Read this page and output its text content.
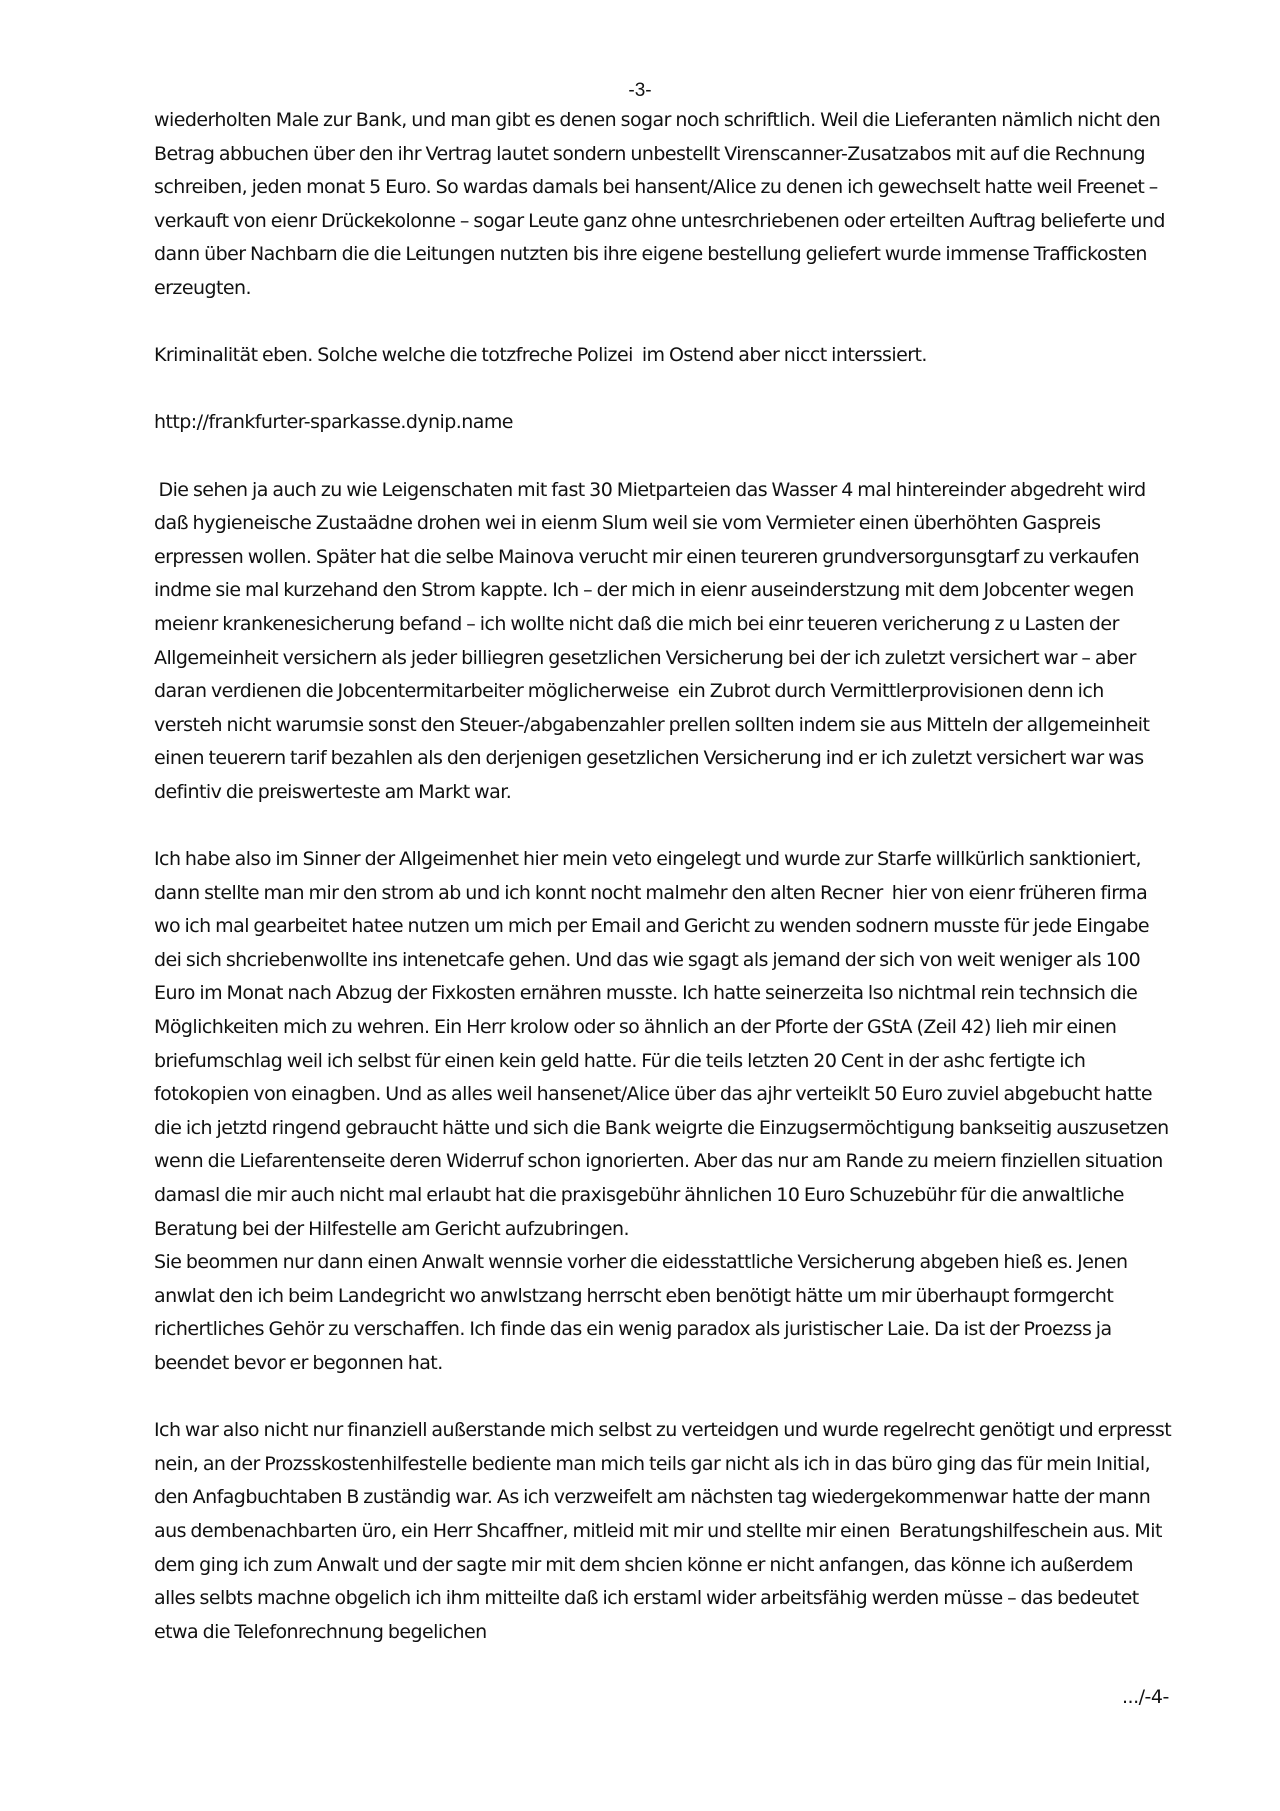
-3-

wiederholten Male zur Bank, und man gibt es denen sogar noch schriftlich. Weil die Lieferanten nämlich nicht den Betrag abbuchen über den ihr Vertrag lautet sondern unbestellt Virenscanner-Zusatzabos mit auf die Rechnung schreiben, jeden monat 5 Euro. So wardas damals bei hansent/Alice zu denen ich gewechselt hatte weil Freenet – verkauft von eienr Drückekolonne – sogar Leute ganz ohne untesrchriebenen oder erteilten Auftrag belieferte und dann über Nachbarn die die Leitungen nutzten bis ihre eigene bestellung geliefert wurde immense Traffickosten erzeugten.

Kriminalität eben. Solche welche die totzfreche Polizei  im Ostend aber nicct interssiert.

http://frankfurter-sparkasse.dynip.name

Die sehen ja auch zu wie Leigenschaten mit fast 30 Mietparteien das Wasser 4 mal hintereinder abgedreht wird daß hygieneische Zustaädne drohen wei in eienm Slum weil sie vom Vermieter einen überhöhten Gaspreis erpressen wollen. Später hat die selbe Mainova verucht mir einen teureren grundversorgunsgtarf zu verkaufen indme sie mal kurzehand den Strom kappte. Ich – der mich in eienr auseinderstzung mit dem Jobcenter wegen meienr krankenesicherung befand – ich wollte nicht daß die mich bei einr teueren vericherung z u Lasten der Allgemeinheit versichern als jeder billiegren gesetzlichen Versicherung bei der ich zuletzt versichert war – aber daran verdienen die Jobcentermitarbeiter möglicherweise  ein Zubrot durch Vermittlerprovisionen denn ich versteh nicht warumsie sonst den Steuer-/abgabenzahler prellen sollten indem sie aus Mitteln der allgemeinheit einen teuerern tarif bezahlen als den derjenigen gesetzlichen Versicherung ind er ich zuletzt versichert war was defintiv die preiswerteste am Markt war.

Ich habe also im Sinner der Allgeimenhet hier mein veto eingelegt und wurde zur Starfe willkürlich sanktioniert, dann stellte man mir den strom ab und ich konnt nocht malmehr den alten Recner  hier von eienr früheren firma wo ich mal gearbeitet hatee nutzen um mich per Email and Gericht zu wenden sodnern musste für jede Eingabe dei sich shcriebenwollte ins intenetcafe gehen. Und das wie sgagt als jemand der sich von weit weniger als 100 Euro im Monat nach Abzug der Fixkosten ernähren musste. Ich hatte seinerzeita lso nichtmal rein technsich die Möglichkeiten mich zu wehren. Ein Herr krolow oder so ähnlich an der Pforte der GStA (Zeil 42) lieh mir einen briefumschlag weil ich selbst für einen kein geld hatte. Für die teils letzten 20 Cent in der ashc fertigte ich fotokopien von einagben. Und as alles weil hansenet/Alice über das ajhr verteiklt 50 Euro zuviel abgebucht hatte die ich jetztd ringend gebraucht hätte und sich die Bank weigrte die Einzugsermöchtigung bankseitig auszusetzen wenn die Liefarentenseite deren Widerruf schon ignorierten. Aber das nur am Rande zu meiern finziellen situation damasl die mir auch nicht mal erlaubt hat die praxisgebühr ähnlichen 10 Euro Schuzebühr für die anwaltliche Beratung bei der Hilfestelle am Gericht aufzubringen.

Sie beommen nur dann einen Anwalt wennsie vorher die eidesstattliche Versicherung abgeben hieß es. Jenen anwlat den ich beim Landegricht wo anwlstzang herrscht eben benötigt hätte um mir überhaupt formgercht richertliches Gehör zu verschaffen. Ich finde das ein wenig paradox als juristischer Laie. Da ist der Proezss ja beendet bevor er begonnen hat.

Ich war also nicht nur finanziell außerstande mich selbst zu verteidgen und wurde regelrecht genötigt und erpresst nein, an der Prozsskostenhilfestelle bediente man mich teils gar nicht als ich in das büro ging das für mein Initial, den Anfagbuchtaben B zuständig war. As ich verzweifelt am nächsten tag wiedergekommenwar hatte der mann aus dembenachbarten üro, ein Herr Shcaffner, mitleid mit mir und stellte mir einen  Beratungshilfeschein aus. Mit dem ging ich zum Anwalt und der sagte mir mit dem shcien könne er nicht anfangen, das könne ich außerdem alles selbts machne obgelich ich ihm mitteilte daß ich erstaml wider arbeitsfähig werden müsse – das bedeutet etwa die Telefonrechnung begelichen

.../-4-
